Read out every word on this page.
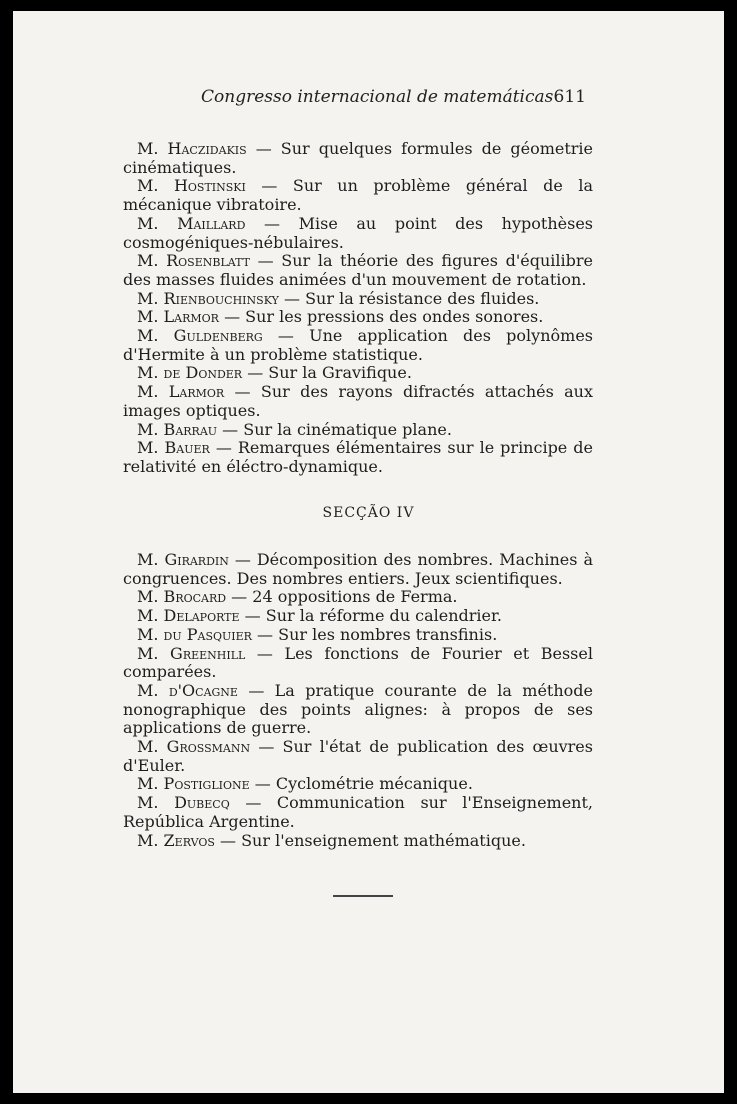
Congresso internacional de matemáticas 611

M. Haczidakis — Sur quelques formules de géometrie cinématiques.

M. Hostinski — Sur un problème général de la mécanique vibratoire.

M. Maillard — Mise au point des hypothèses cosmogéniques-nébulaires.

M. Rosenblatt — Sur la théorie des figures d'équilibre des masses fluides animées d'un mouvement de rotation.

M. Rienbouchinsky — Sur la résistance des fluides.

M. Larmor — Sur les pressions des ondes sonores.

M. Guldenberg — Une application des polynômes d'Hermite à un problème statistique.

M. de Donder — Sur la Gravifique.

M. Larmor — Sur des rayons difractés attachés aux images optiques.

M. Barrau — Sur la cinématique plane.

M. Bauer — Remarques élémentaires sur le principe de relativité en éléctro-dynamique.

SECÇÃO IV

M. Girardin — Décomposition des nombres. Machines à congruences. Des nombres entiers. Jeux scientifiques.

M. Brocard — 24 oppositions de Ferma.

M. Delaporte — Sur la réforme du calendrier.

M. du Pasquier — Sur les nombres transfinis.

M. Greenhill — Les fonctions de Fourier et Bessel comparées.

M. d'Ocagne — La pratique courante de la méthode nonographique des points alignes: à propos de ses applications de guerre.

M. Grossmann — Sur l'état de publication des œuvres d'Euler.

M. Postiglione — Cyclométrie mécanique.

M. Dubecq — Communication sur l'Enseignement, República Argentine.

M. Zervos — Sur l'enseignement mathématique.
